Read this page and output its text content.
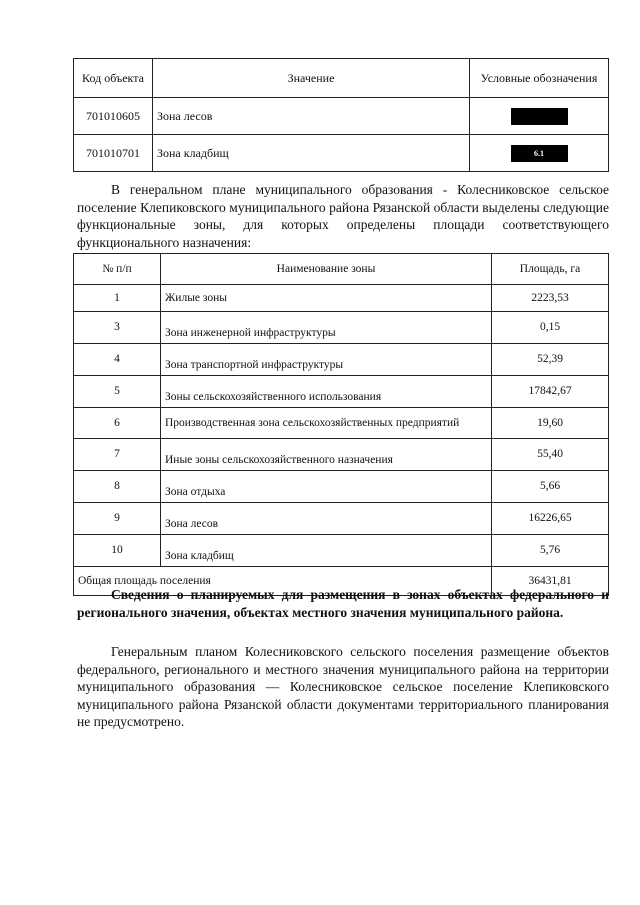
Код объекта	Значение	Условные обозначения
701010605	Зона лесов	
701010701	Зона кладбищ	6.1

В генеральном плане муниципального образования - Колесниковское сельское поселение Клепиковского муниципального района Рязанской области выделены следующие функциональные зоны, для которых определены площади соответствующего функционального назначения:

№ п/п	Наименование зоны	Площадь, га
1	Жилые зоны	2223,53
3	Зона инженерной инфраструктуры	0,15
4	Зона транспортной инфраструктуры	52,39
5	Зоны сельскохозяйственного использования	17842,67
6	Производственная зона сельскохозяйственных предприятий	19,60
7	Иные зоны сельскохозяйственного назначения	55,40
8	Зона отдыха	5,66
9	Зона лесов	16226,65
10	Зона кладбищ	5,76
Общая площадь поселения		36431,81

Сведения о планируемых для размещения в зонах объектах федерального и регионального значения, объектах местного значения муниципального района.

Генеральным планом Колесниковского сельского поселения размещение объектов федерального, регионального и местного значения муниципального района на территории муниципального образования — Колесниковское сельское поселение Клепиковского муниципального района Рязанской области документами территориального планирования не предусмотрено.
